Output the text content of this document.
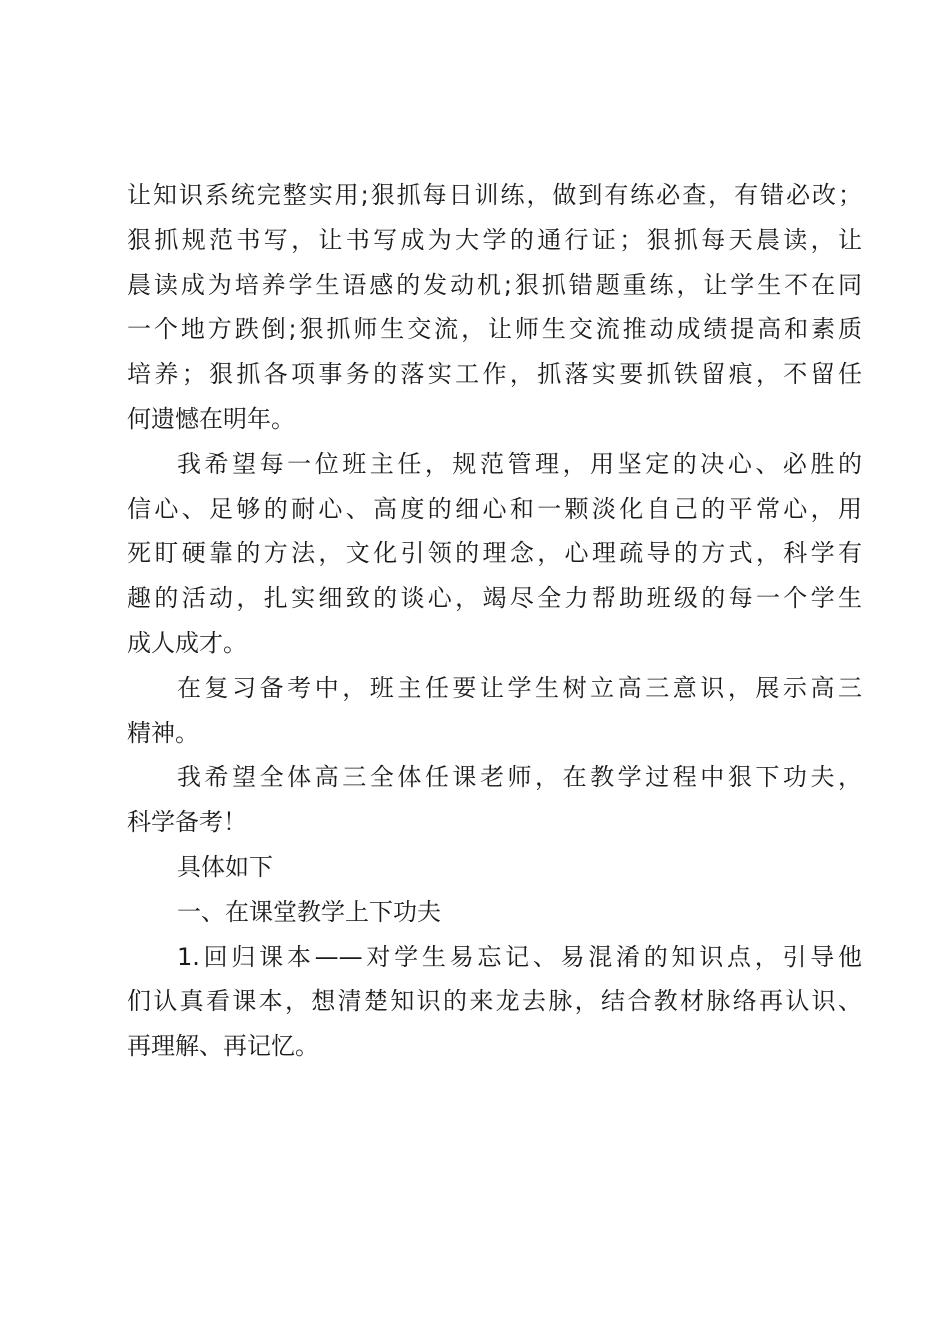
让知识系统完整实用;狠抓每日训练，做到有练必查，有错必改；
狠抓规范书写，让书写成为大学的通行证；狠抓每天晨读，让
晨读成为培养学生语感的发动机;狠抓错题重练，让学生不在同
一个地方跌倒;狠抓师生交流，让师生交流推动成绩提高和素质
培养；狠抓各项事务的落实工作，抓落实要抓铁留痕，不留任
何遗憾在明年。
我希望每一位班主任，规范管理，用坚定的决心、必胜的
信心、足够的耐心、高度的细心和一颗淡化自己的平常心，用
死盯硬靠的方法，文化引领的理念，心理疏导的方式，科学有
趣的活动，扎实细致的谈心，竭尽全力帮助班级的每一个学生
成人成才。
在复习备考中，班主任要让学生树立高三意识，展示高三
精神。
我希望全体高三全体任课老师，在教学过程中狠下功夫，
科学备考！
具体如下
一、在课堂教学上下功夫
1.回归课本——对学生易忘记、易混淆的知识点，引导他
们认真看课本，想清楚知识的来龙去脉，结合教材脉络再认识、
再理解、再记忆。
